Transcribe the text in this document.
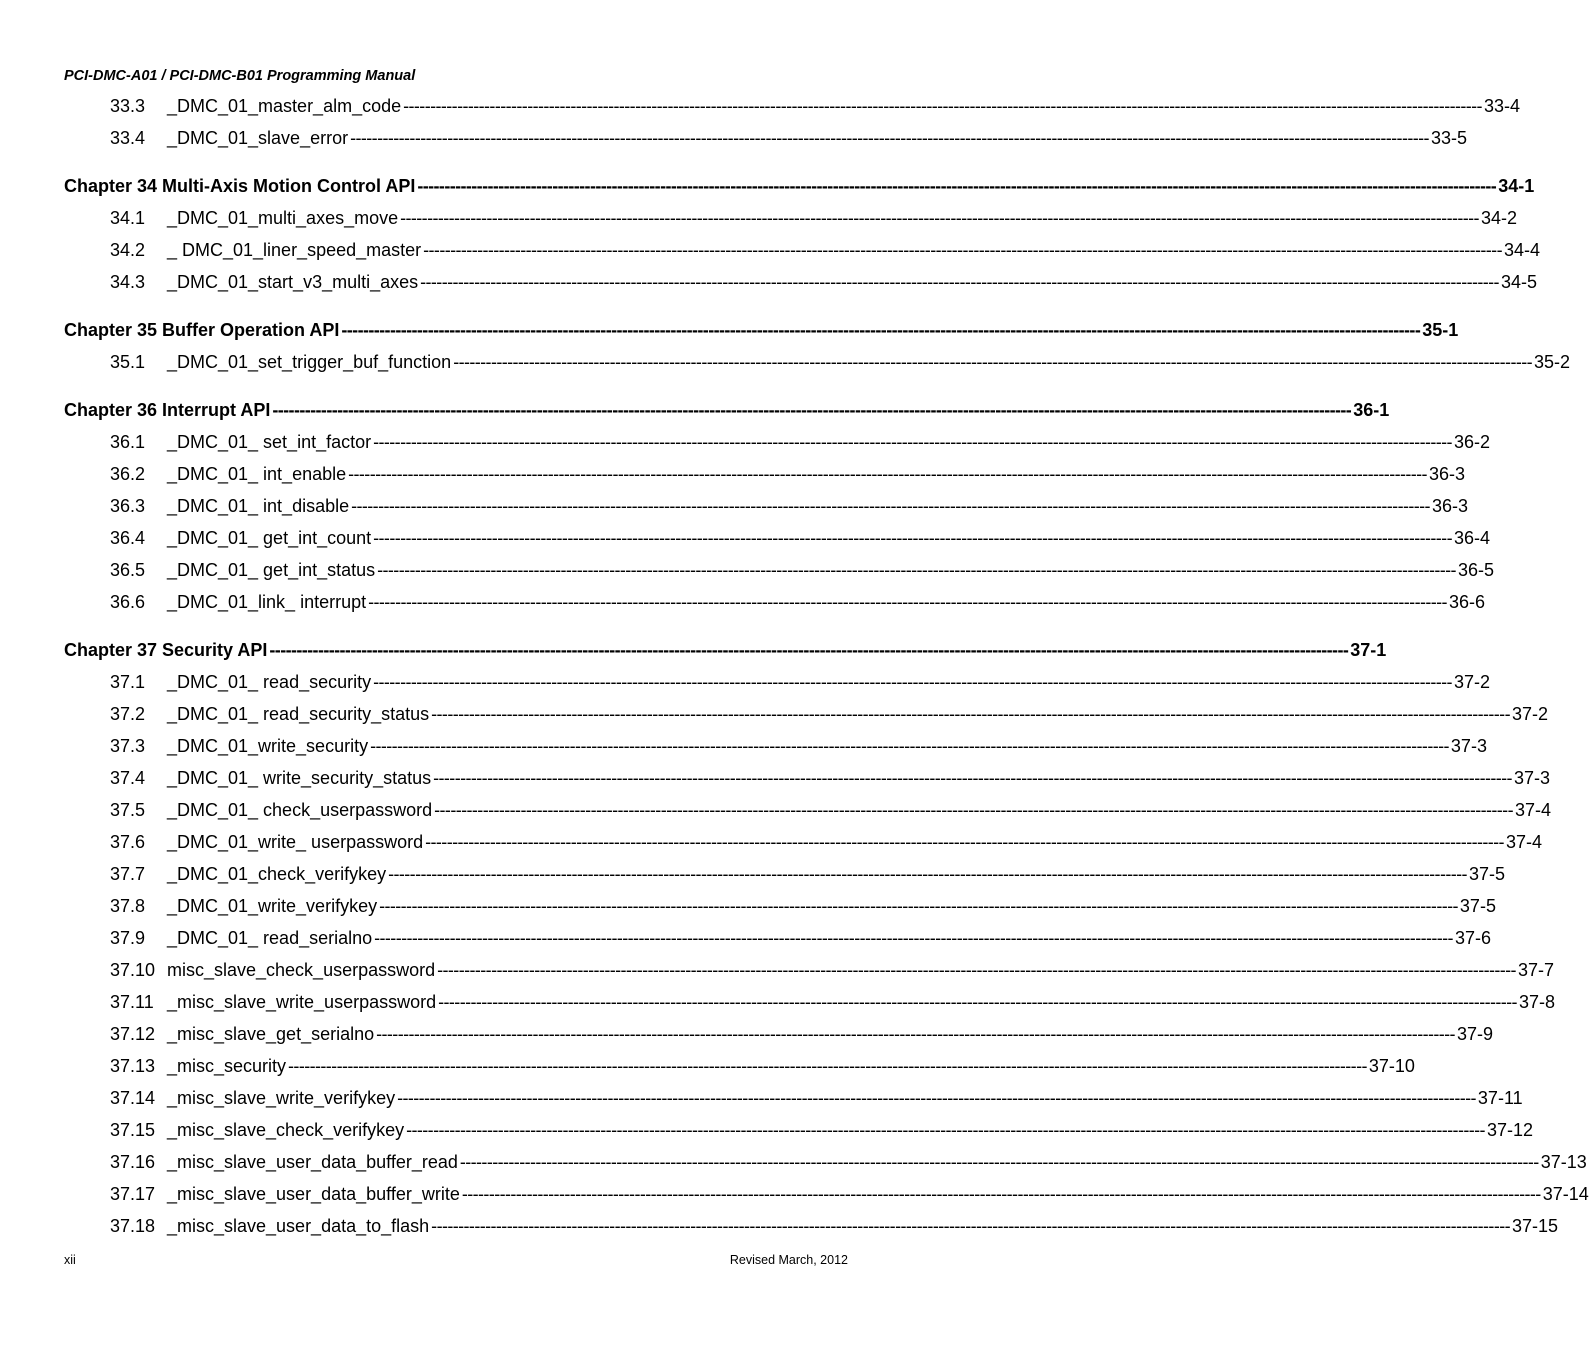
PCI-DMC-A01 / PCI-DMC-B01 Programming Manual
33.3	_DMC_01_master_alm_code -------------------------------------------------------------------------------------------------------------------------------------------------------------------------------------------------------- 33-4
33.4	_DMC_01_slave_error -------------------------------------------------------------------------------------------------------------------------------------------------------------------------------------------------------- 33-5
Chapter 34 Multi-Axis Motion Control API -------------------------------------------------------------------------------------------------------------------------------------------------------------------------------------------------------- 34-1
34.1	_DMC_01_multi_axes_move -------------------------------------------------------------------------------------------------------------------------------------------------------------------------------------------------------- 34-2
34.2	_ DMC_01_liner_speed_master -------------------------------------------------------------------------------------------------------------------------------------------------------------------------------------------------------- 34-4
34.3	_DMC_01_start_v3_multi_axes -------------------------------------------------------------------------------------------------------------------------------------------------------------------------------------------------------- 34-5
Chapter 35 Buffer Operation API -------------------------------------------------------------------------------------------------------------------------------------------------------------------------------------------------------- 35-1
35.1	_DMC_01_set_trigger_buf_function -------------------------------------------------------------------------------------------------------------------------------------------------------------------------------------------------------- 35-2
Chapter 36 Interrupt API -------------------------------------------------------------------------------------------------------------------------------------------------------------------------------------------------------- 36-1
36.1	_DMC_01_ set_int_factor -------------------------------------------------------------------------------------------------------------------------------------------------------------------------------------------------------- 36-2
36.2	_DMC_01_ int_enable -------------------------------------------------------------------------------------------------------------------------------------------------------------------------------------------------------- 36-3
36.3	_DMC_01_ int_disable -------------------------------------------------------------------------------------------------------------------------------------------------------------------------------------------------------- 36-3
36.4	_DMC_01_ get_int_count -------------------------------------------------------------------------------------------------------------------------------------------------------------------------------------------------------- 36-4
36.5	_DMC_01_ get_int_status -------------------------------------------------------------------------------------------------------------------------------------------------------------------------------------------------------- 36-5
36.6	_DMC_01_link_ interrupt -------------------------------------------------------------------------------------------------------------------------------------------------------------------------------------------------------- 36-6
Chapter 37 Security API -------------------------------------------------------------------------------------------------------------------------------------------------------------------------------------------------------- 37-1
37.1	_DMC_01_ read_security -------------------------------------------------------------------------------------------------------------------------------------------------------------------------------------------------------- 37-2
37.2	_DMC_01_ read_security_status -------------------------------------------------------------------------------------------------------------------------------------------------------------------------------------------------------- 37-2
37.3	_DMC_01_write_security -------------------------------------------------------------------------------------------------------------------------------------------------------------------------------------------------------- 37-3
37.4	_DMC_01_ write_security_status -------------------------------------------------------------------------------------------------------------------------------------------------------------------------------------------------------- 37-3
37.5	_DMC_01_ check_userpassword -------------------------------------------------------------------------------------------------------------------------------------------------------------------------------------------------------- 37-4
37.6	_DMC_01_write_ userpassword -------------------------------------------------------------------------------------------------------------------------------------------------------------------------------------------------------- 37-4
37.7	_DMC_01_check_verifykey -------------------------------------------------------------------------------------------------------------------------------------------------------------------------------------------------------- 37-5
37.8	_DMC_01_write_verifykey -------------------------------------------------------------------------------------------------------------------------------------------------------------------------------------------------------- 37-5
37.9	_DMC_01_ read_serialno -------------------------------------------------------------------------------------------------------------------------------------------------------------------------------------------------------- 37-6
37.10 misc_slave_check_userpassword -------------------------------------------------------------------------------------------------------------------------------------------------------------------------------------------------------- 37-7
37.11 _misc_slave_write_userpassword -------------------------------------------------------------------------------------------------------------------------------------------------------------------------------------------------------- 37-8
37.12 _misc_slave_get_serialno -------------------------------------------------------------------------------------------------------------------------------------------------------------------------------------------------------- 37-9
37.13 _misc_security -------------------------------------------------------------------------------------------------------------------------------------------------------------------------------------------------------- 37-10
37.14 _misc_slave_write_verifykey -------------------------------------------------------------------------------------------------------------------------------------------------------------------------------------------------------- 37-11
37.15 _misc_slave_check_verifykey -------------------------------------------------------------------------------------------------------------------------------------------------------------------------------------------------------- 37-12
37.16 _misc_slave_user_data_buffer_read -------------------------------------------------------------------------------------------------------------------------------------------------------------------------------------------------------- 37-13
37.17 _misc_slave_user_data_buffer_write -------------------------------------------------------------------------------------------------------------------------------------------------------------------------------------------------------- 37-14
37.18 _misc_slave_user_data_to_flash -------------------------------------------------------------------------------------------------------------------------------------------------------------------------------------------------------- 37-15
xii	Revised March, 2012
